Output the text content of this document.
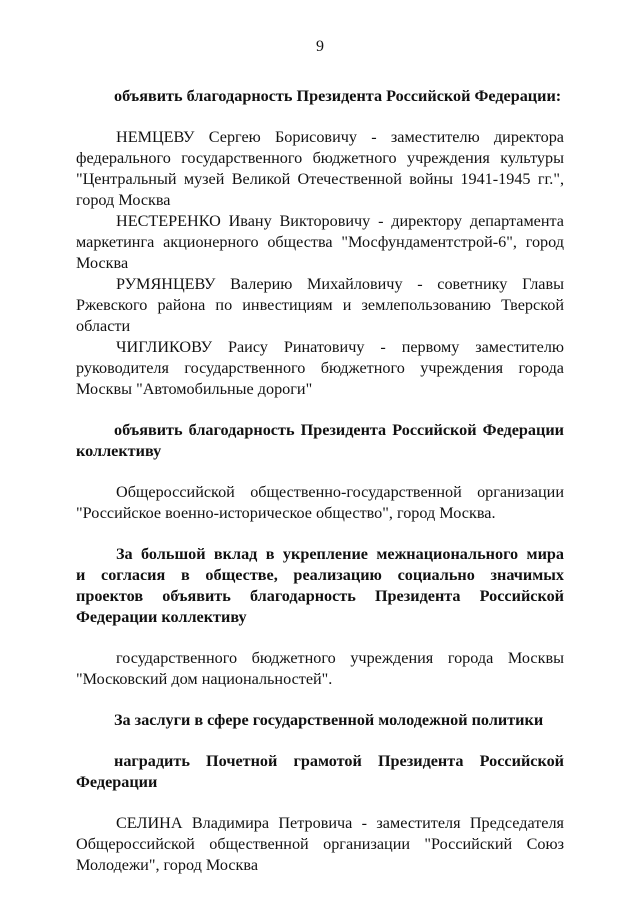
9
объявить благодарность Президента Российской Федерации:
НЕМЦЕВУ Сергею Борисовичу - заместителю директора
федерального государственного бюджетного учреждения культуры
"Центральный музей Великой Отечественной войны 1941-1945 гг.",
город Москва
НЕСТЕРЕНКО Ивану Викторовичу - директору департамента
маркетинга акционерного общества "Мосфундаментстрой-6", город
Москва
РУМЯНЦЕВУ Валерию Михайловичу - советнику Главы
Ржевского района по инвестициям и землепользованию Тверской
области
ЧИГЛИКОВУ Раису Ринатовичу - первому заместителю
руководителя государственного бюджетного учреждения города
Москвы "Автомобильные дороги"
объявить благодарность Президента Российской Федерации
коллективу
Общероссийской общественно-государственной организации
"Российское военно-историческое общество", город Москва.
За большой вклад в укрепление межнационального мира
и согласия в обществе, реализацию социально значимых
проектов объявить благодарность Президента Российской
Федерации коллективу
государственного бюджетного учреждения города Москвы
"Московский дом национальностей".
За заслуги в сфере государственной молодежной политики
наградить Почетной грамотой Президента Российской
Федерации
СЕЛИНА Владимира Петровича - заместителя Председателя
Общероссийской общественной организации "Российский Союз
Молодежи", город Москва
